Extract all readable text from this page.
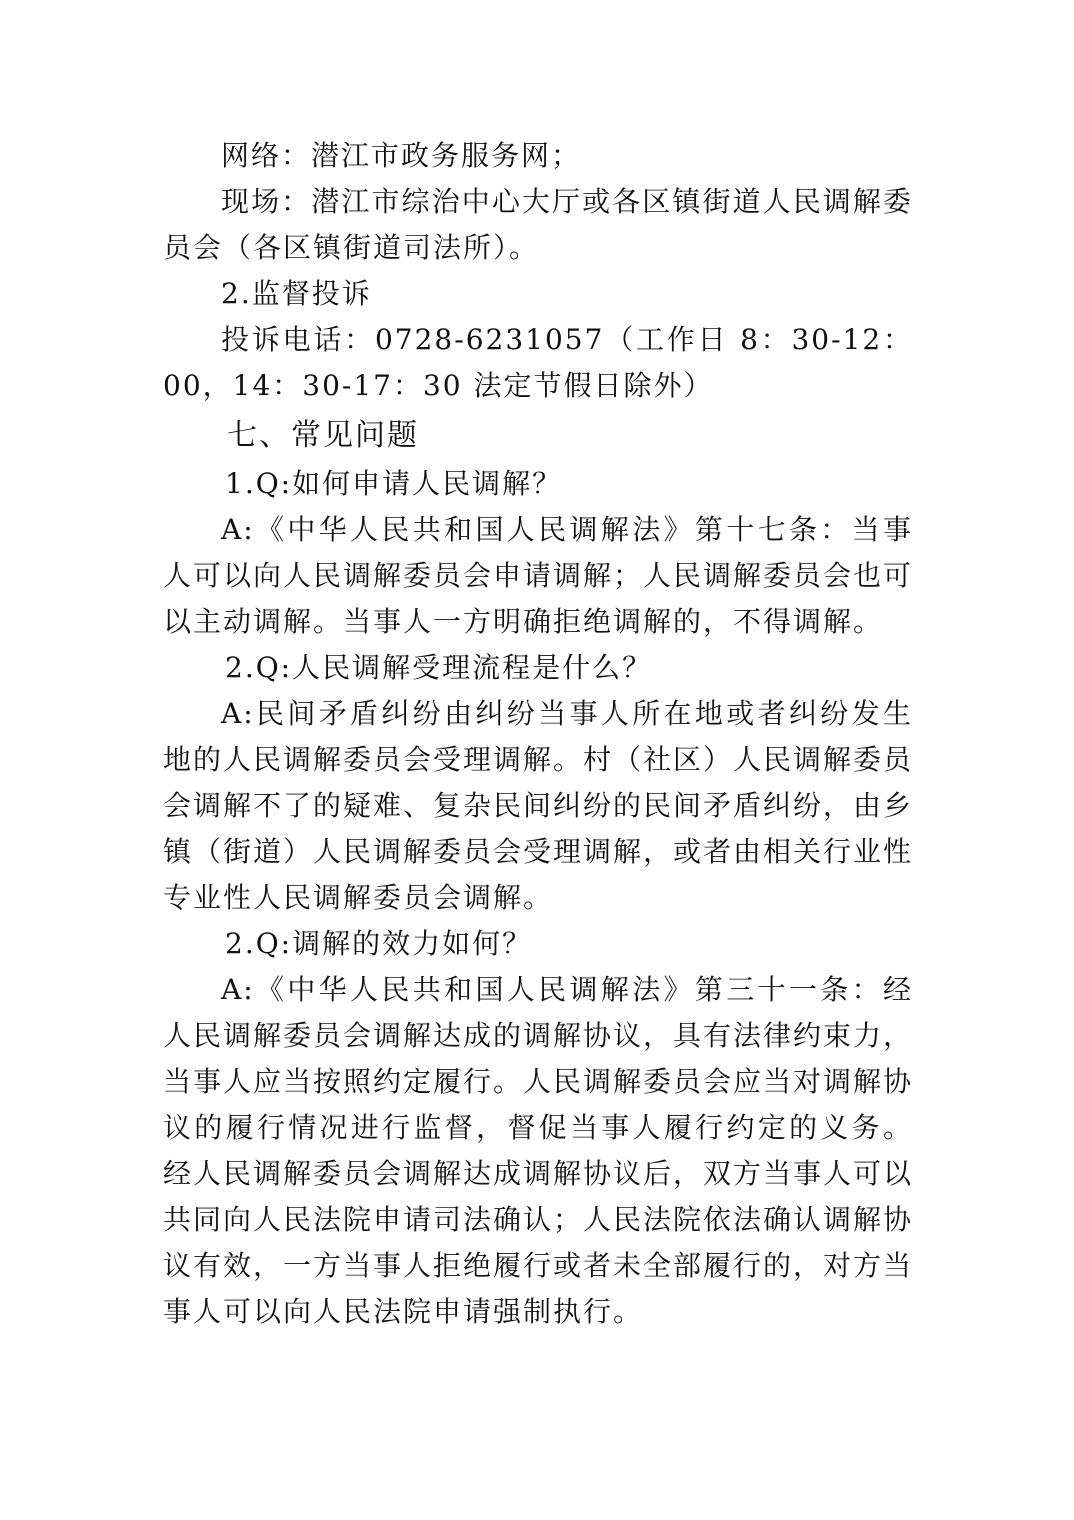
网络：潜江市政务服务网；

现场：潜江市综治中心大厅或各区镇街道人民调解委员会（各区镇街道司法所）。

2.监督投诉

投诉电话：0728-6231057（工作日 8：30-12：00，14：30-17：30 法定节假日除外）

七、常见问题

1.Q:如何申请人民调解？

A:《中华人民共和国人民调解法》第十七条：当事人可以向人民调解委员会申请调解；人民调解委员会也可以主动调解。当事人一方明确拒绝调解的，不得调解。

2.Q:人民调解受理流程是什么？

A:民间矛盾纠纷由纠纷当事人所在地或者纠纷发生地的人民调解委员会受理调解。村（社区）人民调解委员会调解不了的疑难、复杂民间纠纷的民间矛盾纠纷，由乡镇（街道）人民调解委员会受理调解，或者由相关行业性专业性人民调解委员会调解。

2.Q:调解的效力如何？

A:《中华人民共和国人民调解法》第三十一条：经人民调解委员会调解达成的调解协议，具有法律约束力，当事人应当按照约定履行。人民调解委员会应当对调解协议的履行情况进行监督，督促当事人履行约定的义务。 经人民调解委员会调解达成调解协议后，双方当事人可以共同向人民法院申请司法确认；人民法院依法确认调解协议有效，一方当事人拒绝履行或者未全部履行的，对方当事人可以向人民法院申请强制执行。
